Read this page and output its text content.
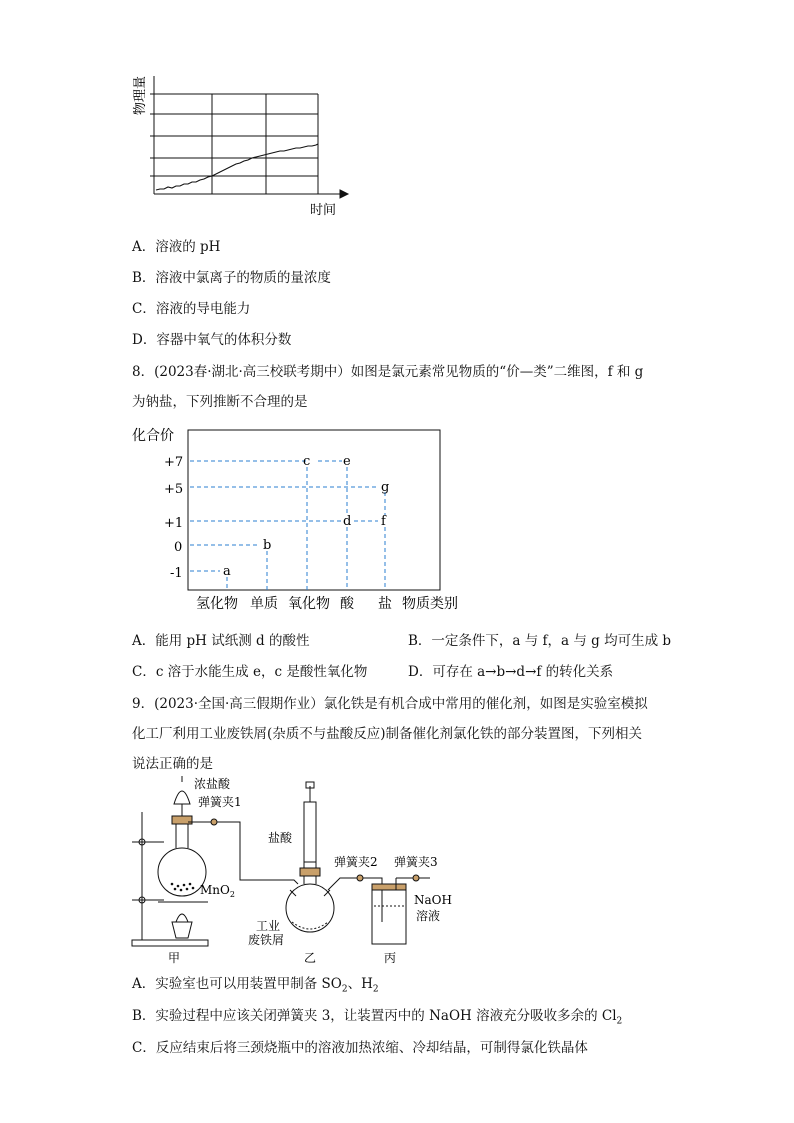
物理量
时间
A．溶液的 pH
B．溶液中氯离子的物质的量浓度
C．溶液的导电能力
D．容器中氧气的体积分数
8．(2023春·湖北·高三校联考期中）如图是氯元素常见物质的“价—类”二维图，f 和 g
为钠盐，下列推断不合理的是
化合价
+7
+5
+1
0
-1
c	e
g
d f
b
a
氢化物 单质 氧化物 酸 盐 物质类别
A．能用 pH 试纸测 d 的酸性	B．一定条件下，a 与 f，a 与 g 均可生成 b
C．c 溶于水能生成 e，c 是酸性氧化物	D．可存在 a→b→d→f 的转化关系
9．(2023·全国·高三假期作业）氯化铁是有机合成中常用的催化剂，如图是实验室模拟
化工厂利用工业废铁屑(杂质不与盐酸反应)制备催化剂氯化铁的部分装置图，下列相关
说法正确的是
浓盐酸
弹簧夹1
MnO$_2$
盐酸
弹簧夹2 弹簧夹3
NaOH
溶液
工业
废铁屑
甲	乙	丙
A．实验室也可以用装置甲制备 $SO_2$、$H_2$
B．实验过程中应该关闭弹簧夹 3，让装置丙中的 NaOH 溶液充分吸收多余的 $Cl_2$
C．反应结束后将三颈烧瓶中的溶液加热浓缩、冷却结晶，可制得氯化铁晶体
